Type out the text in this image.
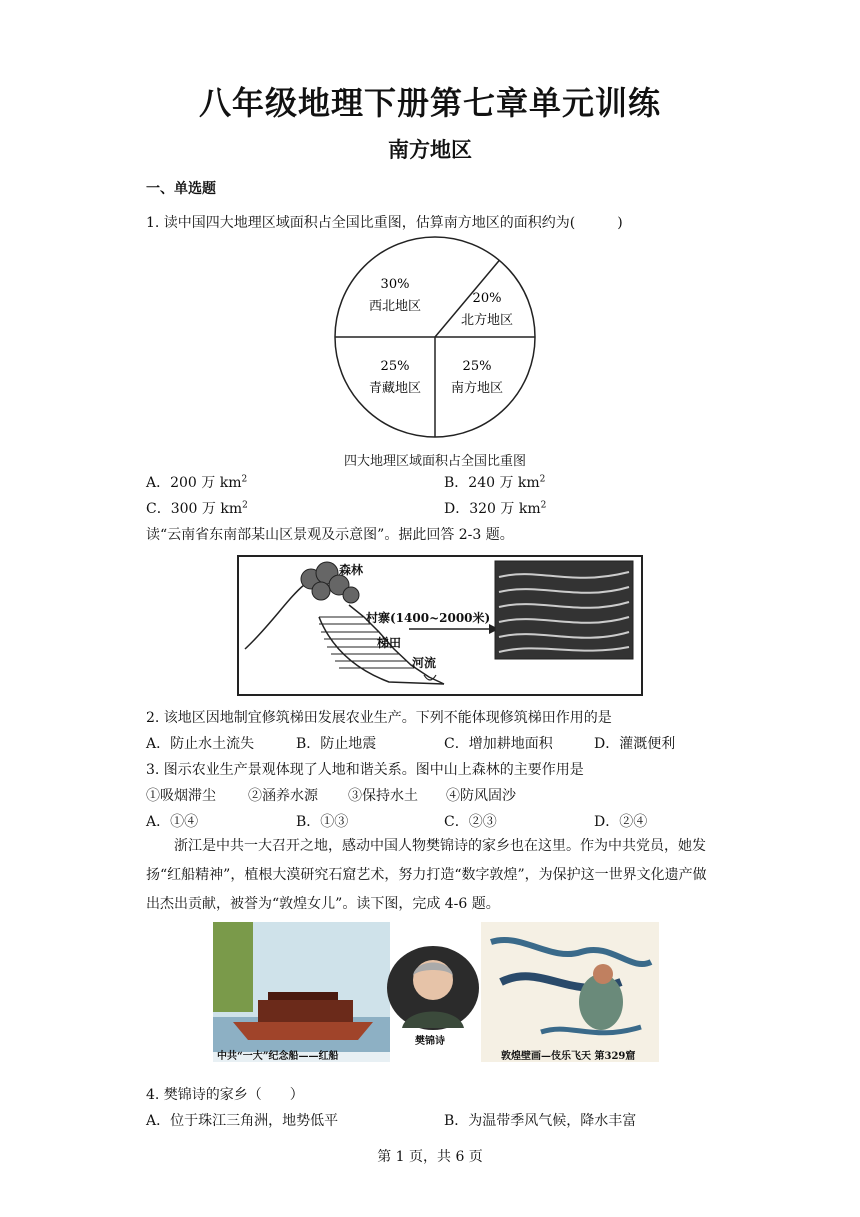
八年级地理下册第七章单元训练
南方地区
一、单选题
1. 读中国四大地理区域面积占全国比重图，估算南方地区的面积约为(　　　)
30%
西北地区
20%
北方地区
25%
青藏地区
25%
南方地区
四大地理区域面积占全国比重图
A．200 万 $km^2$	B．240 万 $km^2$
C．300 万 $km^2$	D．320 万 $km^2$
读“云南省东南部某山区景观及示意图”。据此回答 2-3 题。
森林
村寨(1400~2000米)
梯田
河流
2. 该地区因地制宜修筑梯田发展农业生产。下列不能体现修筑梯田作用的是
A．防止水土流失	B．防止地震	C．增加耕地面积	D．灌溉便利
3. 图示农业生产景观体现了人地和谐关系。图中山上森林的主要作用是
①吸烟滞尘 ②涵养水源 ③保持水土 ④防风固沙
A．①④	B．①③	C．②③	D．②④
浙江是中共一大召开之地，感动中国人物樊锦诗的家乡也在这里。作为中共党员，她发扬“红船精神”，植根大漠研究石窟艺术，努力打造“数字敦煌”，为保护这一世界文化遗产做出杰出贡献，被誉为“敦煌女儿”。读下图，完成 4-6 题。
中共“一大”纪念船——红船
樊锦诗
敦煌壁画—伎乐飞天 第329窟
4. 樊锦诗的家乡（　　）
A．位于珠江三角洲，地势低平	B．为温带季风气候，降水丰富
第 1 页，共 6 页
